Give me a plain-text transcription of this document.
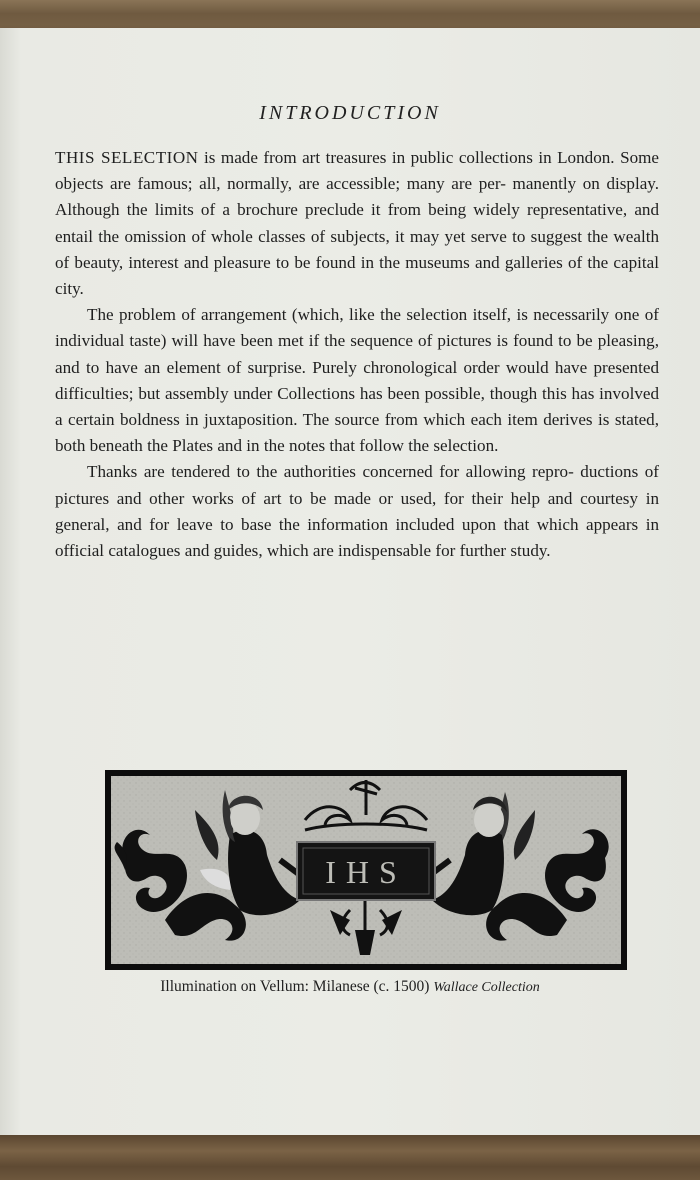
INTRODUCTION

THIS SELECTION is made from art treasures in public collections in London. Some objects are famous; all, normally, are accessible; many are per- manently on display. Although the limits of a brochure preclude it from being widely representative, and entail the omission of whole classes of subjects, it may yet serve to suggest the wealth of beauty, interest and pleasure to be found in the museums and galleries of the capital city.

The problem of arrangement (which, like the selection itself, is necessarily one of individual taste) will have been met if the sequence of pictures is found to be pleasing, and to have an element of surprise. Purely chronological order would have presented difficulties; but assembly under Collections has been possible, though this has involved a certain boldness in juxtaposition. The source from which each item derives is stated, both beneath the Plates and in the notes that follow the selection.

Thanks are tendered to the authorities concerned for allowing repro- ductions of pictures and other works of art to be made or used, for their help and courtesy in general, and for leave to base the information included upon that which appears in official catalogues and guides, which are indispensable for further study.

IHS
Illumination on Vellum: Milanese (c. 1500) Wallace Collection
